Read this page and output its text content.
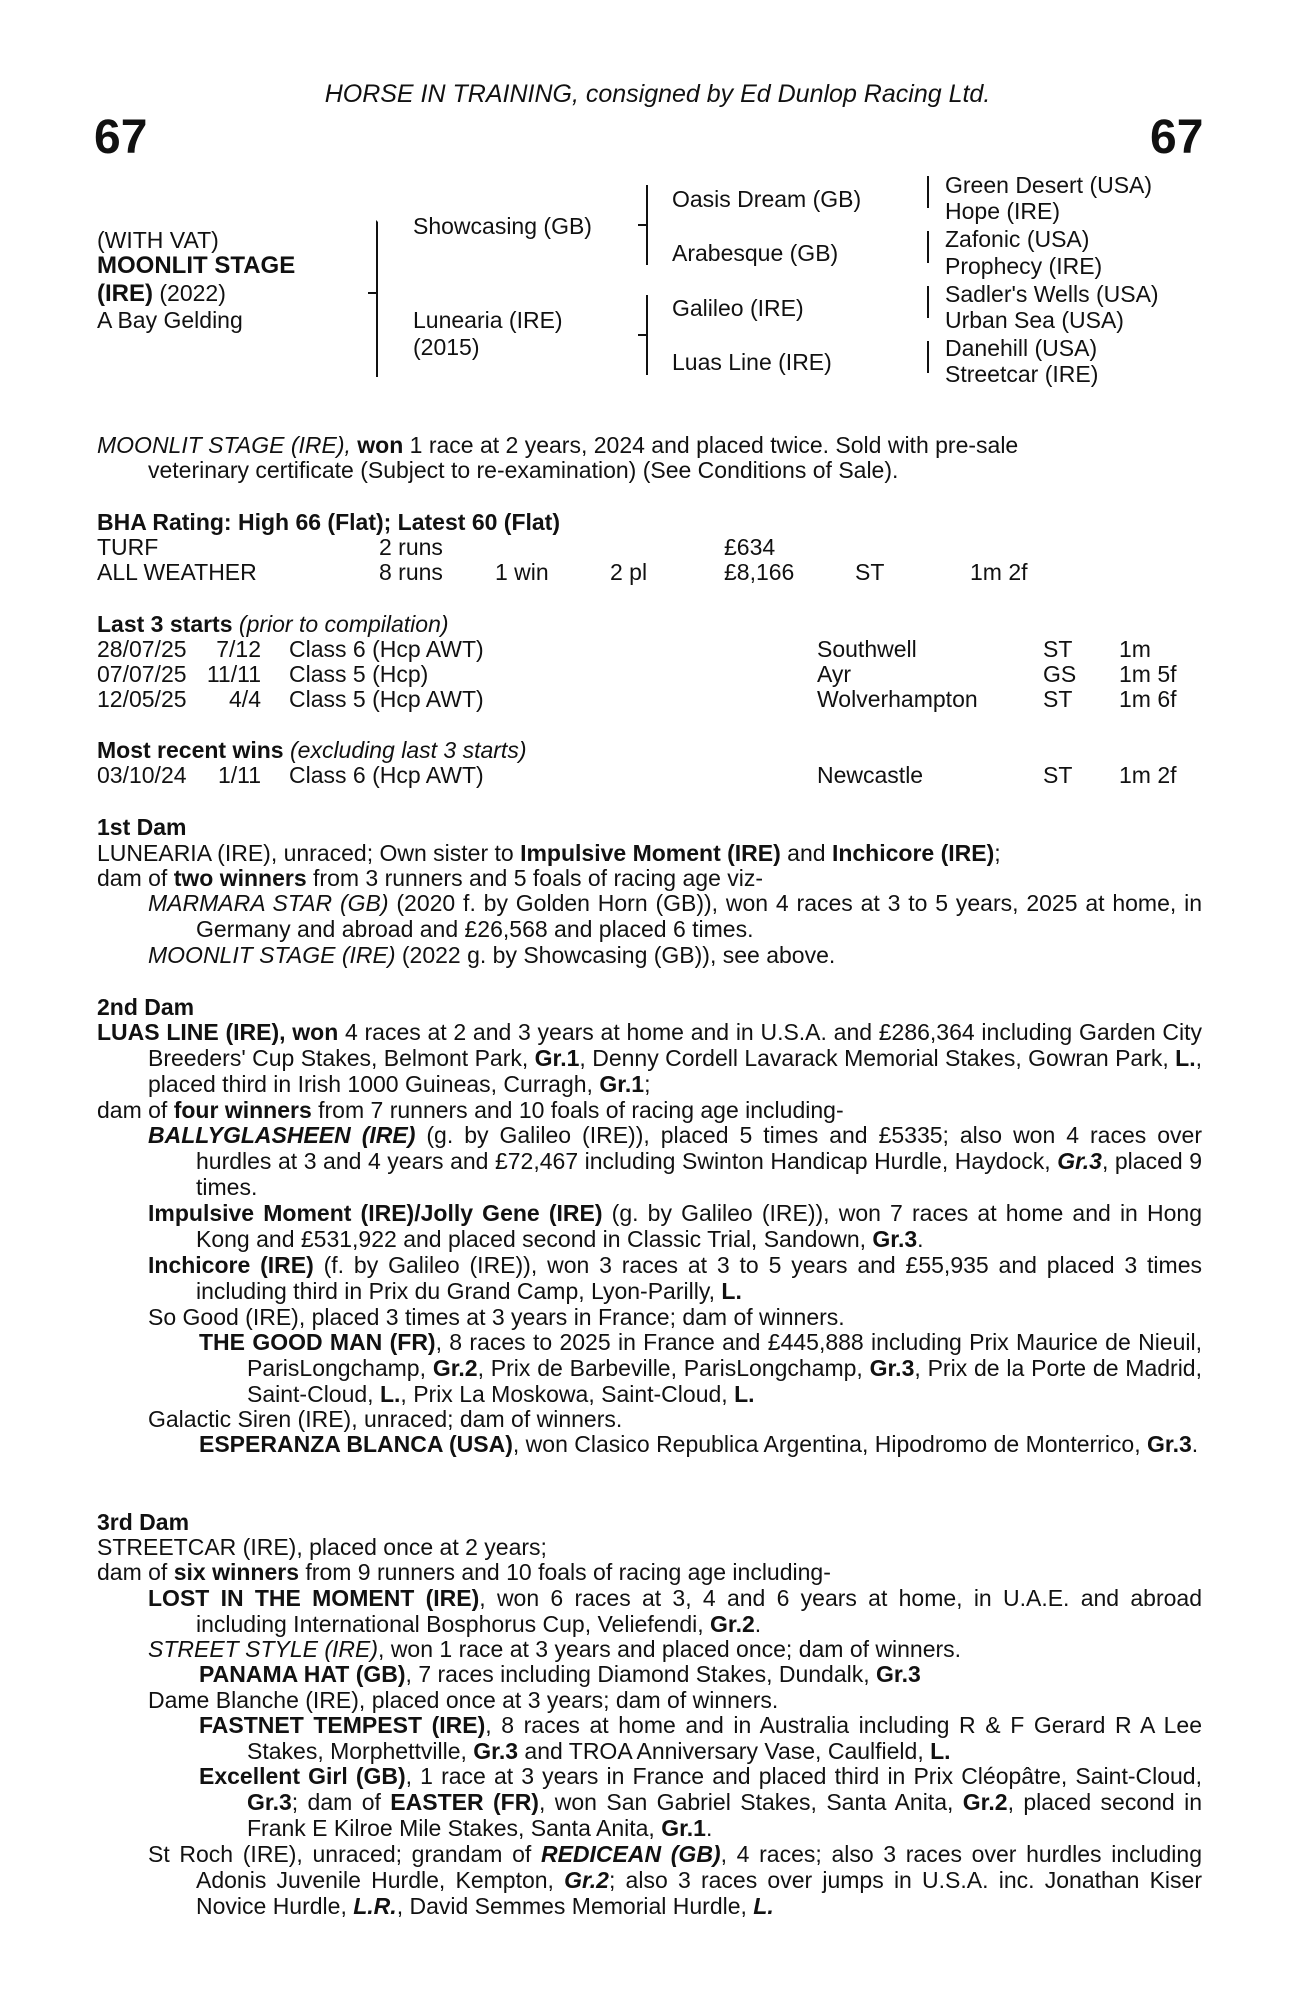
HORSE IN TRAINING, consigned by Ed Dunlop Racing Ltd.
67	67
(WITH VAT)
MOONLIT STAGE
(IRE) (2022)
A Bay Gelding
Showcasing (GB)
Lunearia (IRE)
(2015)
Oasis Dream (GB)
Arabesque (GB)
Galileo (IRE)
Luas Line (IRE)
Green Desert (USA)
Hope (IRE)
Zafonic (USA)
Prophecy (IRE)
Sadler's Wells (USA)
Urban Sea (USA)
Danehill (USA)
Streetcar (IRE)
MOONLIT STAGE (IRE), won 1 race at 2 years, 2024 and placed twice. Sold with pre-sale
veterinary certificate (Subject to re-examination) (See Conditions of Sale).
BHA Rating: High 66 (Flat); Latest 60 (Flat)
TURF	2 runs	£634
ALL WEATHER	8 runs 1 win	2 pl	£8,166	ST	1m 2f
Last 3 starts (prior to compilation)
28/07/25	7/12 Class 6 (Hcp AWT)	Southwell	ST 1m
07/07/25 11/11 Class 5 (Hcp)	Ayr	GS 1m 5f
12/05/25	4/4 Class 5 (Hcp AWT)	Wolverhampton	ST 1m 6f
Most recent wins (excluding last 3 starts)
03/10/24	1/11 Class 6 (Hcp AWT)	Newcastle	ST 1m 2f
1st Dam
LUNEARIA (IRE), unraced; Own sister to Impulsive Moment (IRE) and Inchicore (IRE);
dam of two winners from 3 runners and 5 foals of racing age viz-
MARMARA STAR (GB) (2020 f. by Golden Horn (GB)), won 4 races at 3 to 5 years, 2025 at home, in Germany and abroad and £26,568 and placed 6 times.
MOONLIT STAGE (IRE) (2022 g. by Showcasing (GB)), see above.
2nd Dam
LUAS LINE (IRE), won 4 races at 2 and 3 years at home and in U.S.A. and £286,364 including Garden City Breeders' Cup Stakes, Belmont Park, Gr.1, Denny Cordell Lavarack Memorial Stakes, Gowran Park, L., placed third in Irish 1000 Guineas, Curragh, Gr.1;
dam of four winners from 7 runners and 10 foals of racing age including-
BALLYGLASHEEN (IRE) (g. by Galileo (IRE)), placed 5 times and £5335; also won 4 races over hurdles at 3 and 4 years and £72,467 including Swinton Handicap Hurdle, Haydock, Gr.3, placed 9 times.
Impulsive Moment (IRE)/Jolly Gene (IRE) (g. by Galileo (IRE)), won 7 races at home and in Hong Kong and £531,922 and placed second in Classic Trial, Sandown, Gr.3.
Inchicore (IRE) (f. by Galileo (IRE)), won 3 races at 3 to 5 years and £55,935 and placed 3 times including third in Prix du Grand Camp, Lyon-Parilly, L.
So Good (IRE), placed 3 times at 3 years in France; dam of winners.
THE GOOD MAN (FR), 8 races to 2025 in France and £445,888 including Prix Maurice de Nieuil, ParisLongchamp, Gr.2, Prix de Barbeville, ParisLongchamp, Gr.3, Prix de la Porte de Madrid, Saint-Cloud, L., Prix La Moskowa, Saint-Cloud, L.
Galactic Siren (IRE), unraced; dam of winners.
ESPERANZA BLANCA (USA), won Clasico Republica Argentina, Hipodromo de Monterrico, Gr.3.
3rd Dam
STREETCAR (IRE), placed once at 2 years;
dam of six winners from 9 runners and 10 foals of racing age including-
LOST IN THE MOMENT (IRE), won 6 races at 3, 4 and 6 years at home, in U.A.E. and abroad including International Bosphorus Cup, Veliefendi, Gr.2.
STREET STYLE (IRE), won 1 race at 3 years and placed once; dam of winners.
PANAMA HAT (GB), 7 races including Diamond Stakes, Dundalk, Gr.3
Dame Blanche (IRE), placed once at 3 years; dam of winners.
FASTNET TEMPEST (IRE), 8 races at home and in Australia including R & F Gerard R A Lee Stakes, Morphettville, Gr.3 and TROA Anniversary Vase, Caulfield, L.
Excellent Girl (GB), 1 race at 3 years in France and placed third in Prix Cléopâtre, Saint-Cloud, Gr.3; dam of EASTER (FR), won San Gabriel Stakes, Santa Anita, Gr.2, placed second in Frank E Kilroe Mile Stakes, Santa Anita, Gr.1.
St Roch (IRE), unraced; grandam of REDICEAN (GB), 4 races; also 3 races over hurdles including Adonis Juvenile Hurdle, Kempton, Gr.2; also 3 races over jumps in U.S.A. inc. Jonathan Kiser Novice Hurdle, L.R., David Semmes Memorial Hurdle, L.
